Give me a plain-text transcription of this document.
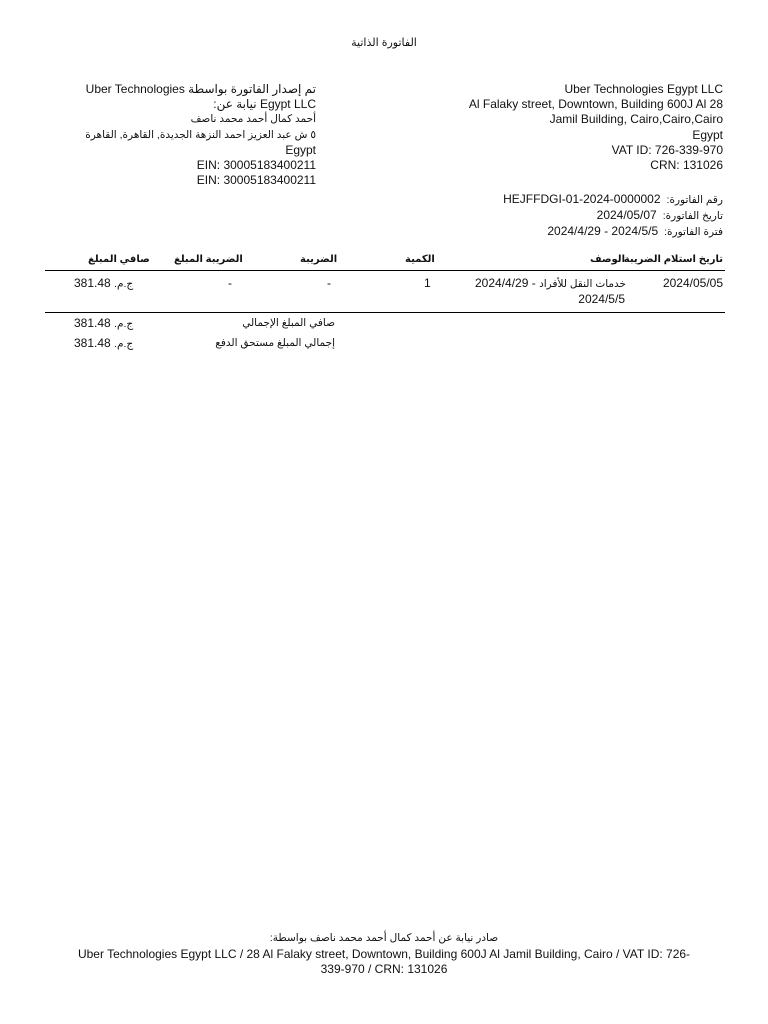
الفاتورة الذاتية
تم إصدار الفاتورة بواسطة Uber Technologies Egypt LLC نيابة عن:
أحمد كمال أحمد محمد ناصف
٥ ش عبد العزيز احمد النزهة الجديدة, القاهرة, القاهرة
Egypt
EIN: 30005183400211
EIN: 30005183400211
Uber Technologies Egypt LLC
Al Falaky street, Downtown, Building 600J Al 28
Jamil Building, Cairo,Cairo,Cairo
Egypt
VAT ID: 726-339-970
CRN: 131026
HEJFFDGI-01-2024-0000002 رقم الفاتورة:
2024/05/07 تاريخ الفاتورة:
2024/4/29 - 2024/5/5 فترة الفاتورة:
تاريخ استلام الضريبة
الوصف
الكمية
الضريبة
الضريبة المبلغ
صافي المبلغ
2024/05/05
2024/4/29 - خدمات النقل للأفراد
2024/5/5
1
-
-
381.48 ج.م.
381.48 ج.م.	صافي المبلغ الإجمالي
381.48 ج.م.	إجمالي المبلغ مستحق الدفع
صادر نيابة عن أحمد كمال أحمد محمد ناصف بواسطة:
Uber Technologies Egypt LLC / 28 Al Falaky street, Downtown, Building 600J Al Jamil Building, Cairo / VAT ID: 726-339-970 / CRN: 131026
